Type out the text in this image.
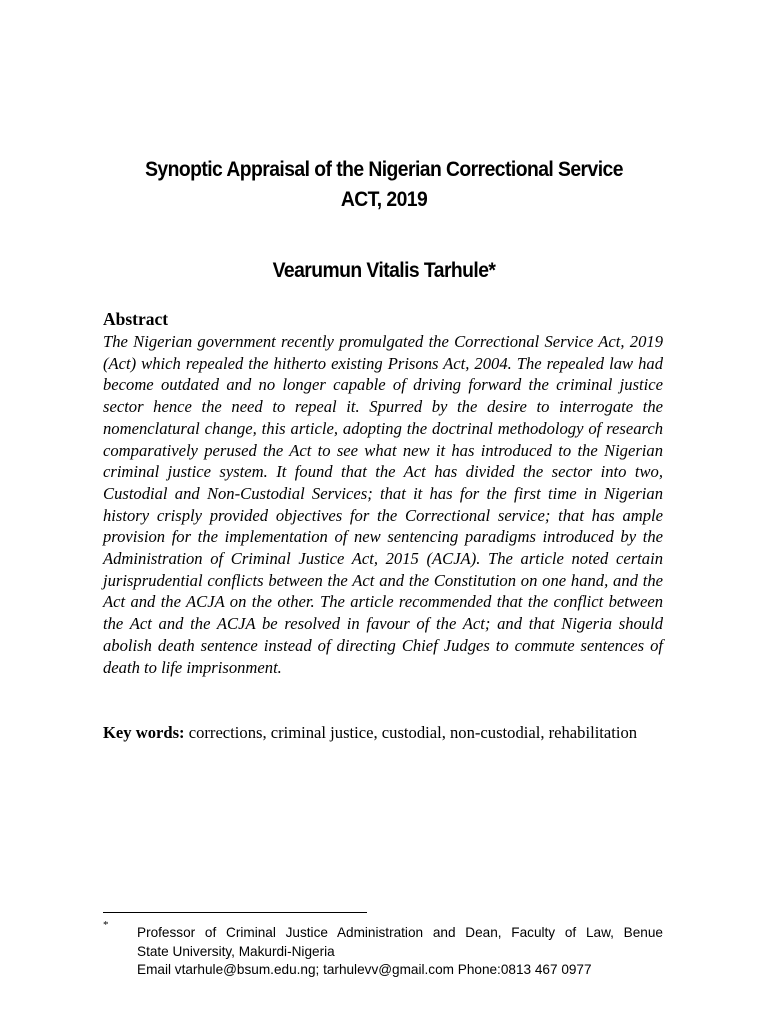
Synoptic Appraisal of the Nigerian Correctional Service
ACT, 2019
Vearumun Vitalis Tarhule*
Abstract

The Nigerian government recently promulgated the Correctional Service Act, 2019 (Act) which repealed the hitherto existing Prisons Act, 2004. The repealed law had become outdated and no longer capable of driving forward the criminal justice sector hence the need to repeal it. Spurred by the desire to interrogate the nomenclatural change, this article, adopting the doctrinal methodology of research comparatively perused the Act to see what new it has introduced to the Nigerian criminal justice system. It found that the Act has divided the sector into two, Custodial and Non-Custodial Services; that it has for the first time in Nigerian history crisply provided objectives for the Correctional service; that has ample provision for the implementation of new sentencing paradigms introduced by the Administration of Criminal Justice Act, 2015 (ACJA). The article noted certain jurisprudential conflicts between the Act and the Constitution on one hand, and the Act and the ACJA on the other. The article recommended that the conflict between the Act and the ACJA be resolved in favour of the Act; and that Nigeria should abolish death sentence instead of directing Chief Judges to commute sentences of death to life imprisonment.

Key words: corrections, criminal justice, custodial, non-custodial, rehabilitation

* Professor of Criminal Justice Administration and Dean, Faculty of Law, Benue
State University, Makurdi-Nigeria
Email vtarhule@bsum.edu.ng; tarhulevv@gmail.com Phone:0813 467 0977
